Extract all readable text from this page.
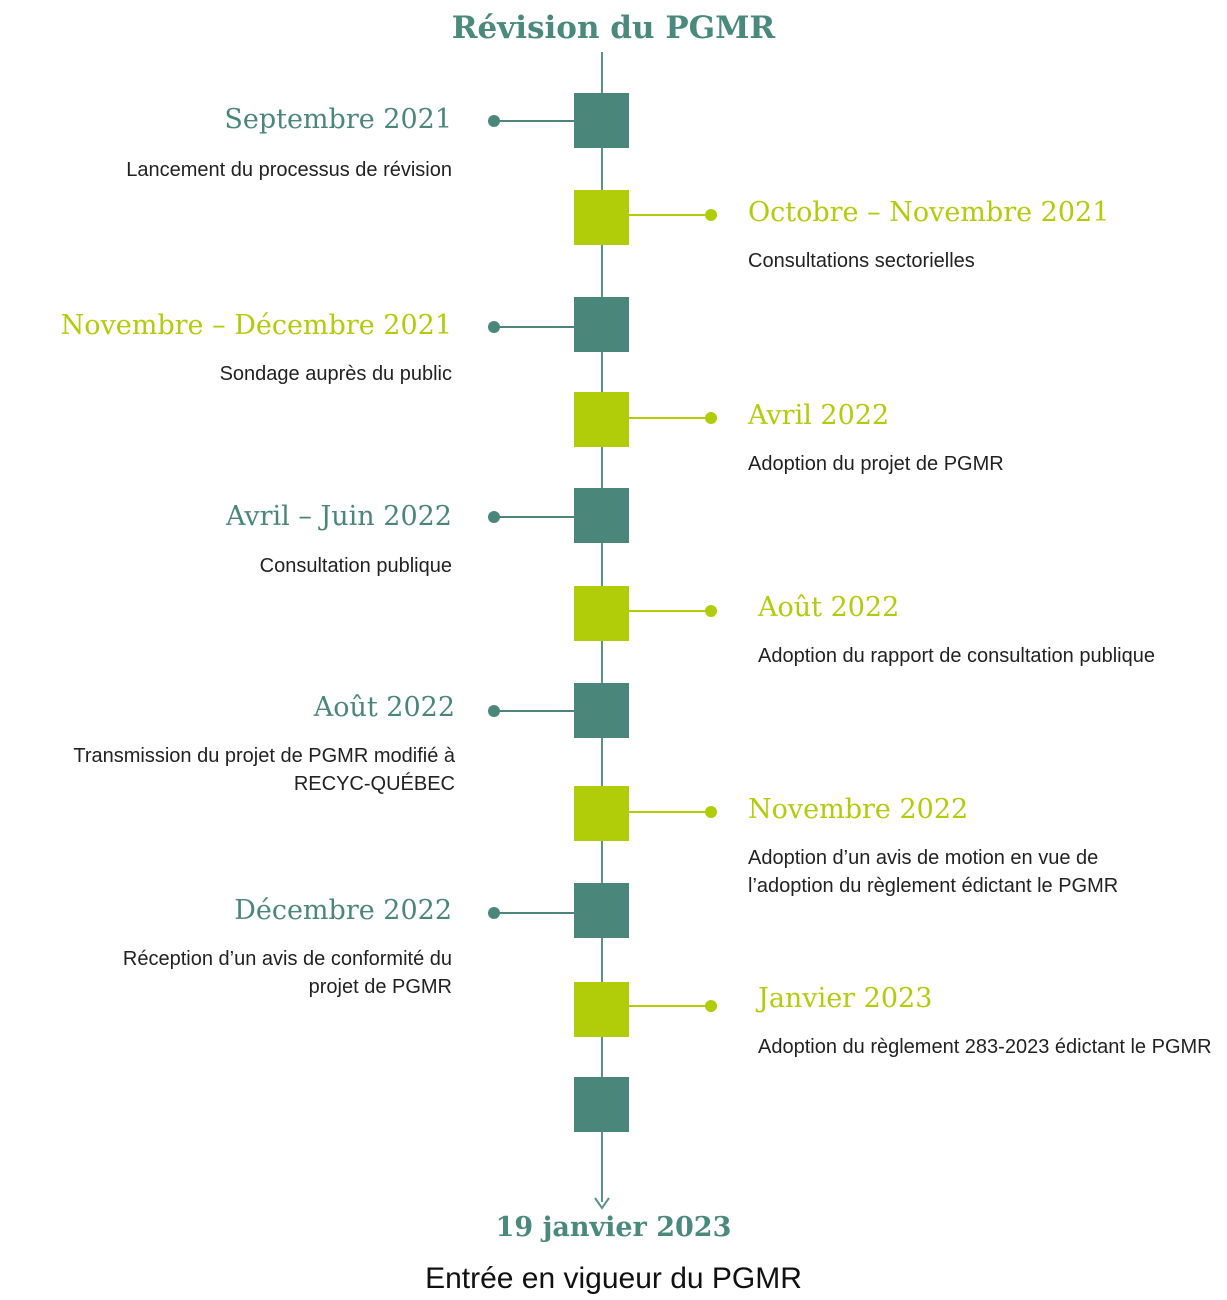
Révision du PGMR
Septembre 2021
Lancement du processus de révision
Octobre – Novembre 2021
Consultations sectorielles
Novembre – Décembre 2021
Sondage auprès du public
Avril 2022
Adoption du projet de PGMR
Avril – Juin 2022
Consultation publique
Août 2022
Adoption du rapport de consultation publique
Août 2022
Transmission du projet de PGMR modifié à RECYC-QUÉBEC
Novembre 2022
Adoption d’un avis de motion en vue de l’adoption du règlement édictant le PGMR
Décembre 2022
Réception d’un avis de conformité du projet de PGMR	Janvier 2023
Adoption du règlement 283-2023 édictant le PGMR
19 janvier 2023
Entrée en vigueur du PGMR
